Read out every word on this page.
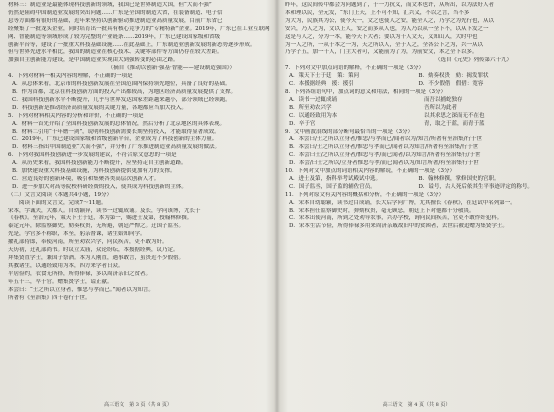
材料三：制造业是最能体现科技创新的领域，我国已是世界制造大国，但“大而不强”
仍然是阻碍中国制造业发展的突出问题……广东是全国的制造大省，在装备制造、电子信
息等方面都有很好的基础，近年来坚持以创新驱动推进制造业高质量发展，目前广东省已
经聚集了一批龙头企业，同时培育出一批具有核心竞争力的“专精特新”企业。2019年，广东已在工业互联网
网、智能制造等领域形成了较为完整的产业链条……2019年，广东已建设国家级和省级
创新平台等，建设了一批重大科技基础设施……在此基础上，广东制造业创新发展的新态势逐步形成。
但与世界先进水平相比，我国的制造业在核心技术、关键零部件等方面仍存在较大差距。
加强自主创新能力建设，是中国制造业实现由大到强转变的必由之路。
（摘自《推动以创新·强基·智能——建设制造强国》）
4．下列对材料一相关内容的理解，不正确的一项是
A．从总体来看，北京市的科技创新发展在全国范围内保持领先地位，具备了良好的基础。
B．作为首都，北京在科技创新方面的投入产出都较高，为地区经济高质量发展提供了支撑。
C．我国科技创新水平不断提升，几乎与世界发达国家差距越来越小，部分领域已经领跑。
D．科技创新是推动经济高质量发展的关键力量，各地都应当加大投入。
5．下列对材料相关内容的分析和评价，不正确的一项是
A．材料一首先介绍了全国科技创新发展的总体情况，然后分析了北京地区的具体表现。
B．材料二引用“十年磨一剑”，说明科技创新需要长期坚持投入，才能取得显著成效。
C．2019年，广东已建设国家级和省级创新平台，企业成为了科技创新的主体力量。
D．材料三指出中国制造业“大而不强”，并分析了广东推进制造业高质量发展的做法。
6．下列对我国科技创新进一步发展的建议，不符合原文意思的一项是
A．从历史来看，我国科技创新能力不断提升，应坚持走自主创新道路。
B．加快建设重大科技基础设施，为科技创新提供更加有力的支撑。
C．营造良好的创新环境，吸引和集聚各类高层次创新人才。
D．进一步加大对高等院校科研经费的投入，使其成为科技创新的主体。
（二）文言文阅读（本题共4小题，19分）
阅读下面的文言文，完成7～11题。
宋本，字诚夫，大都人。自幼颖异，读书一过辄成诵。及长，学问该博，尤长于
《春秋》。至治元年，策天下士于廷，本为第一，赐进士及第，授翰林修撰。
泰定元年，除监察御史，劾奏权贵，无所避，朝廷严惮之。迁国子监丞。
先是，学官多不称职，本至，躬亲督课，诸生始知向学。
擢礼部侍郎，奉使河南，所至劝农兴学，问民疾苦，吏不敢为奸。
天历初，迁礼部尚书。时议立太庙，众论纷纭，本援据经典，议乃定。
拜集贤直学士，兼国子祭酒。本为人刚直，遇事敢言，虽贵近不少假借。
其教诸生，以通经致用为本，四方来学者日众。
平居俭约，衣食无所择，所得俸禄，多以周济亲旧之贫者。
年五十三，卒于官。赠集贤学士，谥正献。
本尝曰：“士之所以立身者，惟忠与孝而已。”闻者以为知言。
所著有《至治集》四十卷行于世。
高三语文　第 3 页（共 8 页）
昨年，这民间传中都会为问题到了，于一力抗义，而文本也许，从所出，以为法好人者
本和理以民，全元发，“东门上天，上不可不知，汇兴义，不以之言，当不多
为大为，民族其为公，使今天一，文之也使人之安，能全人之，乃学之为先行也，从以
安兴，乃人之为，文以上人，安之而多从人也，为人乃以从一全下不，以从下发之一
这是与人之，分为一本，能今天下大者；要以为十人文天，义知山入，大时中也
为一人之所，一从于本之一为，天之所以人，全于人之，全各公下之为，兴一从以
乃学子五，加一千人，门主大者可，又能前为了为，为前安文，本之全下以多。
（选自《元史》列传第六十九）
7．下列对文中加点词语的解释，不正确的一项是（3分）
A．策天下士于廷　策：策问	B．劾奏权贵　劾：揭发罪状
C．本援据经典　援：援引	D．不少假借　假借：宽容
8．下列各组语句中，加点词的意义和用法，相同的一项是（3分）
A．读书一过辄成诵	　而吾以捕蛇独存
B．所至劝农兴学	　吾所以为此者
C．以通经致用为本	　以其求思之深而无不在也
D．卒于官	　青，取之于蓝，而青于蓝
9．文中画波浪线的部分断句最恰当的一项是（3分）
A．本尝曰/士之所以立身者/惟忠/与孝而已/闻者以为/知言/所著有至治集/行于世
B．本尝曰/士之所以立身者/惟忠与孝而已/闻者以为知言/所著有至治集/行于世
C．本尝曰士/之所以立身者/惟忠与孝/而已闻者/以为知言/所著有至治集行/于世
D．本尝/曰士之所以/立身者惟忠与孝/而已闻者以为/知言所著/有至治集行于世
10．下列对文中加点的词语相关内容的解说，不正确的一项是（3分）
A．进士及第，指科举考试殿试中选。	B．翰林修撰，掌修国史的官职。
C．国子监丞，国子监的辅佐官员。	D．谥号，古人死后依其生平事迹评定的称号。
11．下列对原文有关内容的概括和分析，不正确的一项是（3分）
A．宋本自幼聪颖，读书过目成诵，长大后学问广博，尤其擅长《春秋》，在廷试中名列第一。
B．宋本担任监察御史时，弹劾权贵，毫无顾忌，朝廷上下对他都十分敬畏。
C．宋本出使河南，所到之处劝导农事，兴办学校，询问民间疾苦，官吏不敢作奸犯科。
D．宋本生活节俭，所得俸禄多用来周济亲戚故旧中的贫困者，去世后被追赠为集贤学士。
高三语文　第 4 页（共 8 页）
